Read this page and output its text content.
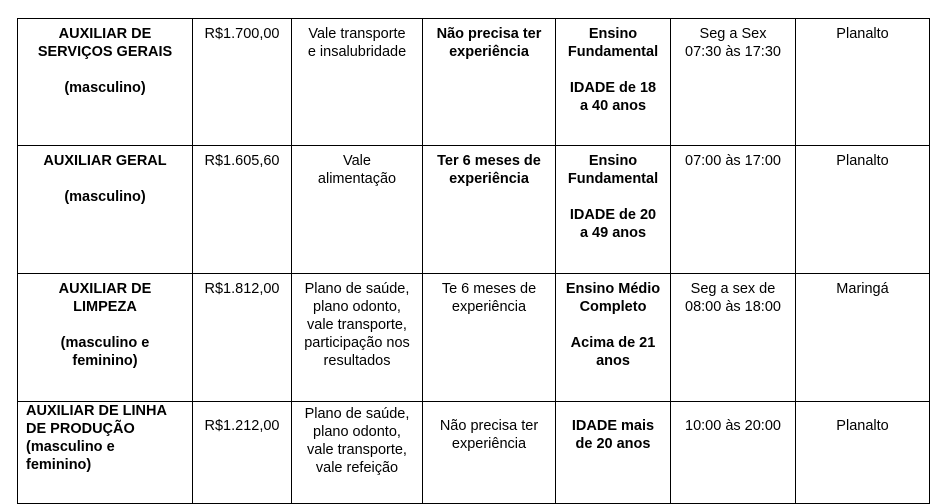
AUXILIAR DE
SERVIÇOS GERAIS
(masculino)	R$1.700,00	Vale transporte
e insalubridade	Não precisa ter
experiência	Ensino
Fundamental
IDADE de 18
a 40 anos	Seg a Sex
07:30 às 17:30	Planalto

AUXILIAR GERAL
(masculino)	R$1.605,60	Vale
alimentação	Ter 6 meses de
experiência	Ensino
Fundamental
IDADE de 20
a 49 anos	07:00 às 17:00	Planalto

AUXILIAR DE
LIMPEZA
(masculino e
feminino)	R$1.812,00	Plano de saúde,
plano odonto,
vale transporte,
participação nos
resultados	Te 6 meses de
experiência	Ensino Médio
Completo
Acima de 21
anos	Seg a sex de
08:00 às 18:00	Maringá

AUXILIAR DE LINHA
DE PRODUÇÃO
(masculino e
feminino)	R$1.212,00	Plano de saúde,
plano odonto,
vale transporte,
vale refeição	Não precisa ter
experiência	IDADE mais
de 20 anos	10:00 às 20:00	Planalto
